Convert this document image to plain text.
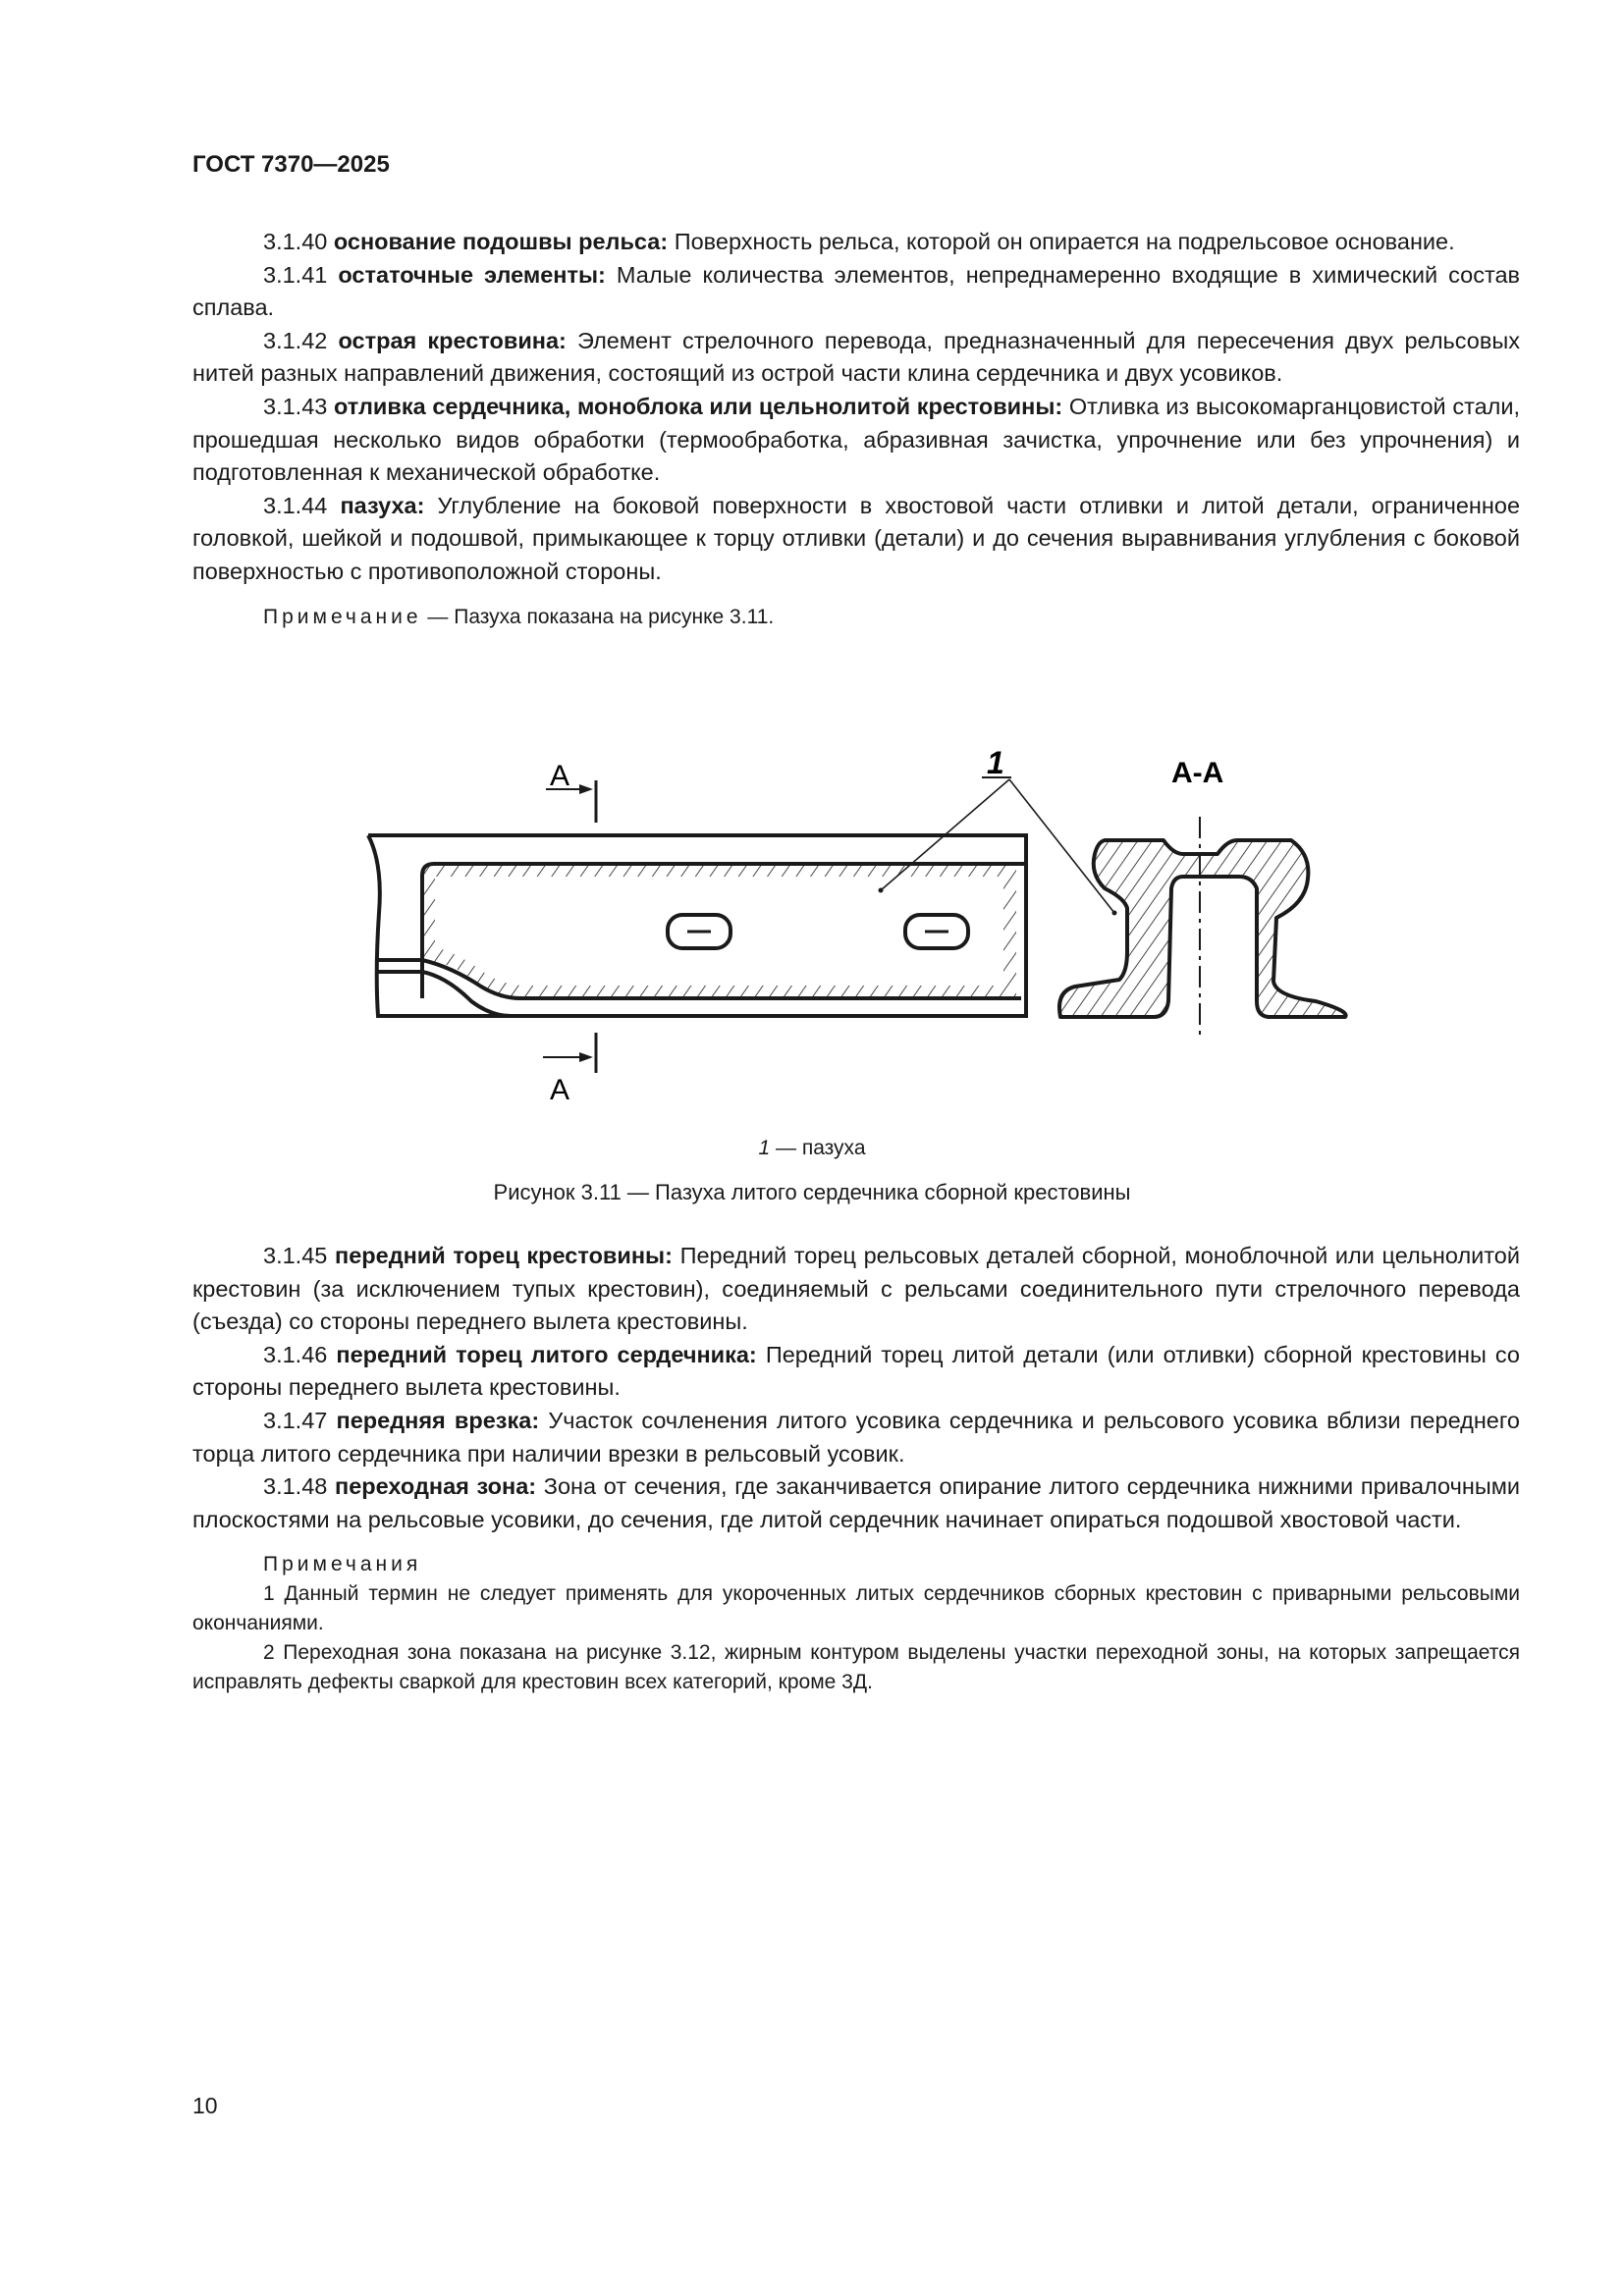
ГОСТ 7370—2025

3.1.40 основание подошвы рельса: Поверхность рельса, которой он опирается на подрельсовое основание.

3.1.41 остаточные элементы: Малые количества элементов, непреднамеренно входящие в химический состав сплава.

3.1.42 острая крестовина: Элемент стрелочного перевода, предназначенный для пересечения двух рельсовых нитей разных направлений движения, состоящий из острой части клина сердечника и двух усовиков.

3.1.43 отливка сердечника, моноблока или цельнолитой крестовины: Отливка из высокомарганцовистой стали, прошедшая несколько видов обработки (термообработка, абразивная зачистка, упрочнение или без упрочнения) и подготовленная к механической обработке.

3.1.44 пазуха: Углубление на боковой поверхности в хвостовой части отливки и литой детали, ограниченное головкой, шейкой и подошвой, примыкающее к торцу отливки (детали) и до сечения выравнивания углубления с боковой поверхностью с противоположной стороны.

Примечание — Пазуха показана на рисунке 3.11.

А	1	А-А
А
1 — пазуха
Рисунок 3.11 — Пазуха литого сердечника сборной крестовины

3.1.45 передний торец крестовины: Передний торец рельсовых деталей сборной, моноблочной или цельнолитой крестовин (за исключением тупых крестовин), соединяемый с рельсами соединительного пути стрелочного перевода (съезда) со стороны переднего вылета крестовины.

3.1.46 передний торец литого сердечника: Передний торец литой детали (или отливки) сборной крестовины со стороны переднего вылета крестовины.

3.1.47 передняя врезка: Участок сочленения литого усовика сердечника и рельсового усовика вблизи переднего торца литого сердечника при наличии врезки в рельсовый усовик.

3.1.48 переходная зона: Зона от сечения, где заканчивается опирание литого сердечника нижними привалочными плоскостями на рельсовые усовики, до сечения, где литой сердечник начинает опираться подошвой хвостовой части.

Примечания

1 Данный термин не следует применять для укороченных литых сердечников сборных крестовин с приварными рельсовыми окончаниями.

2 Переходная зона показана на рисунке 3.12, жирным контуром выделены участки переходной зоны, на которых запрещается исправлять дефекты сваркой для крестовин всех категорий, кроме 3Д.

10
